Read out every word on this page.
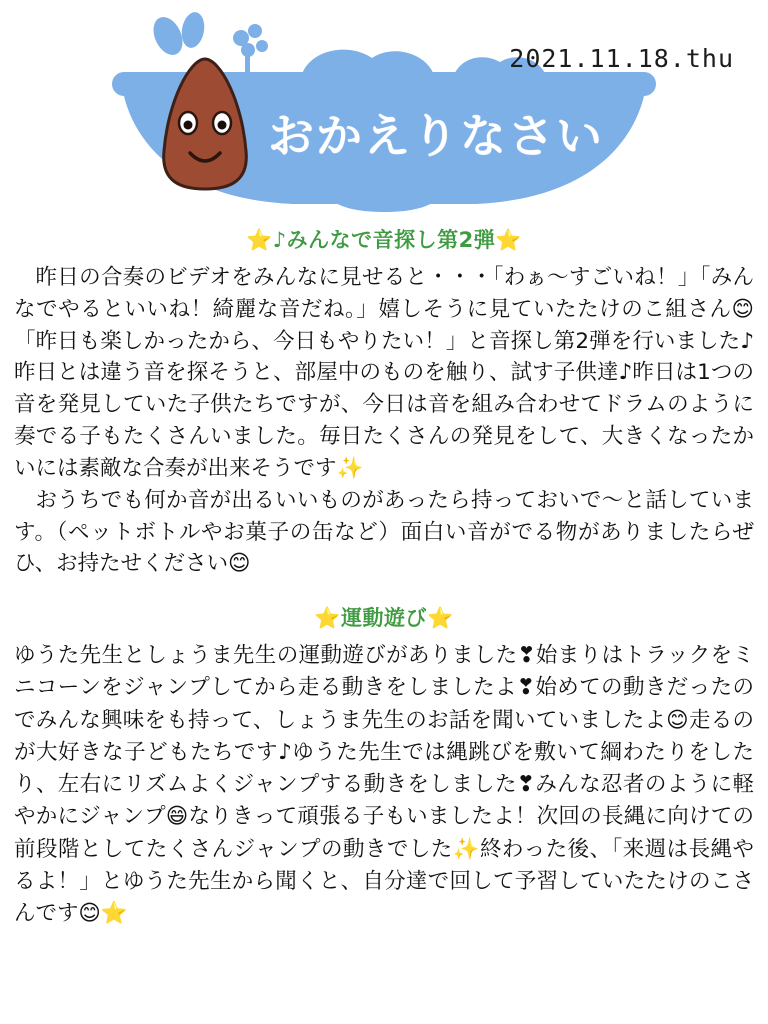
2021.11.18.thu
おかえりなさい
⭐♪みんなで音探し第2弾⭐

昨日の合奏のビデオをみんなに見せると・・・「わぁ～すごいね！」「みんなでやるといいね！綺麗な音だね。」嬉しそうに見ていたたけのこ組さん😊「昨日も楽しかったから、今日もやりたい！」と音探し第2弾を行いました♪昨日とは違う音を探そうと、部屋中のものを触り、試す子供達♪昨日は1つの音を発見していた子供たちですが、今日は音を組み合わせてドラムのように奏でる子もたくさんいました。毎日たくさんの発見をして、大きくなったかいには素敵な合奏が出来そうです✨

おうちでも何か音が出るいいものがあったら持っておいで～と話しています。（ペットボトルやお菓子の缶など）面白い音がでる物がありましたらぜひ、お持たせください😊

⭐運動遊び⭐

ゆうた先生としょうま先生の運動遊びがありました❣始まりはトラックをミニコーンをジャンプしてから走る動きをしましたよ❣始めての動きだったのでみんな興味をも持って、しょうま先生のお話を聞いていましたよ😊走るのが大好きな子どもたちです♪ゆうた先生では縄跳びを敷いて綱わたりをしたり、左右にリズムよくジャンプする動きをしました❣みんな忍者のように軽やかにジャンプ😄なりきって頑張る子もいましたよ！次回の長縄に向けての前段階としてたくさんジャンプの動きでした✨終わった後、「来週は長縄やるよ！」とゆうた先生から聞くと、自分達で回して予習していたたけのこさんです😊⭐
